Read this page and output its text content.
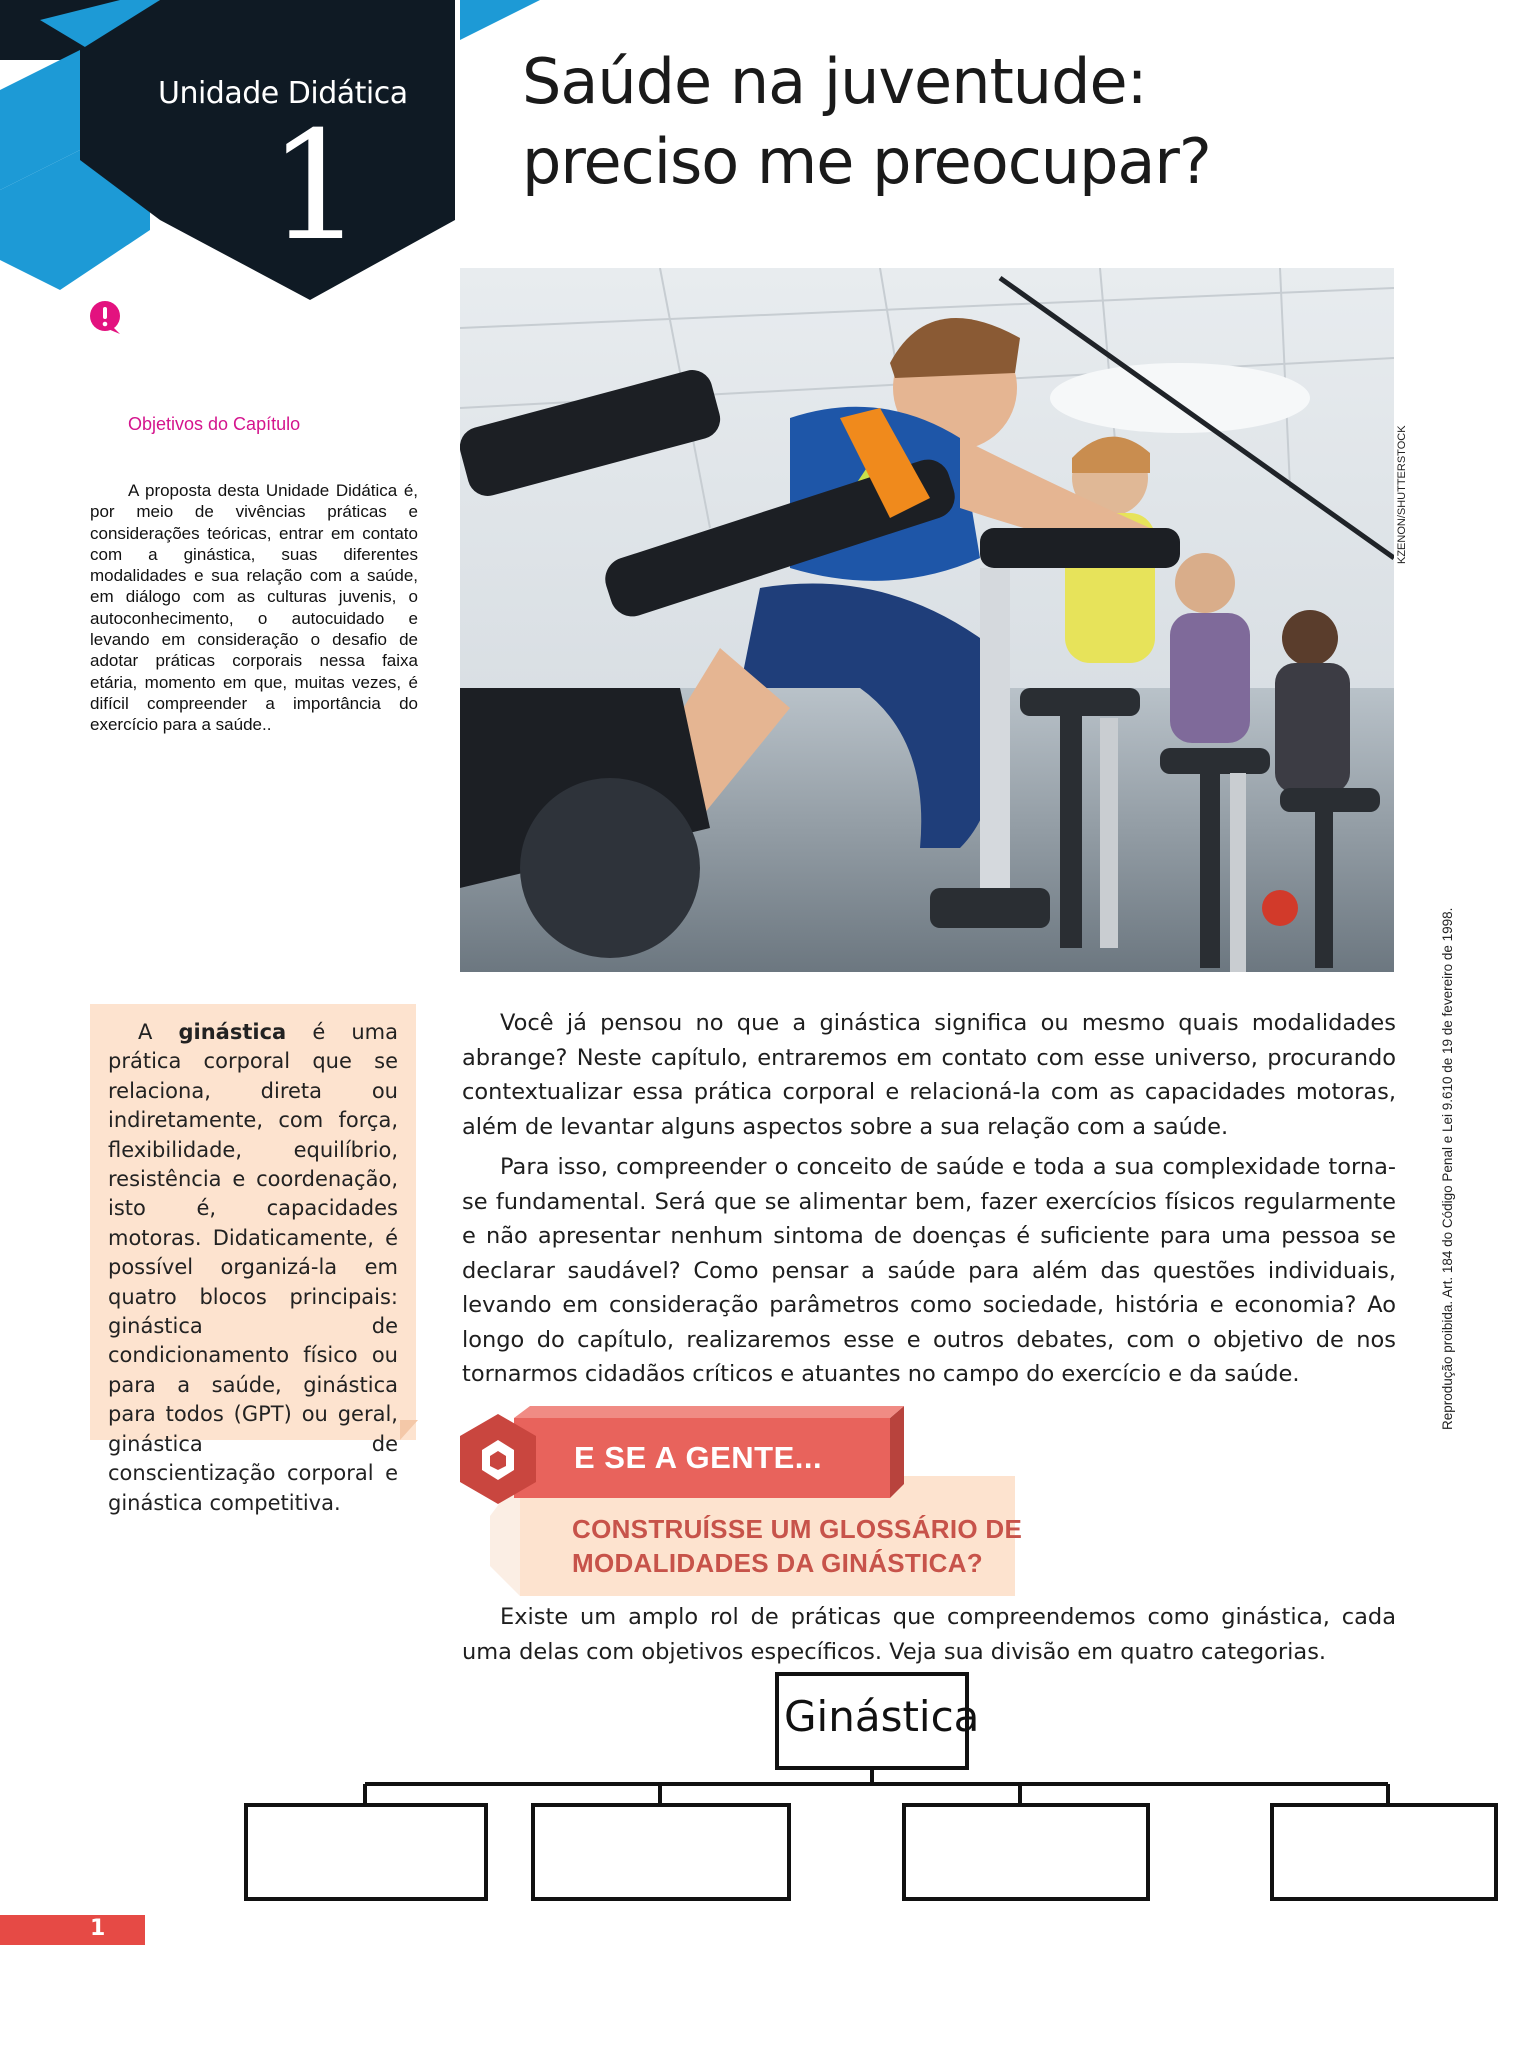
Unidade Didática
1
Saúde na juventude:
preciso me preocupar?
Objetivos do Capítulo
A proposta desta Unidade Didática é, por meio de vivências práticas e considerações teóricas, entrar em contato com a ginástica, suas diferentes modalidades e sua relação com a saúde, em diálogo com as culturas juvenis, o autoconhecimento, o autocuidado e levando em consideração o desafio de adotar práticas corporais nessa faixa etária, momento em que, muitas vezes, é difícil compreender a importância do exercício para a saúde..
KZENON/SHUTTERSTOCK
Reprodução proibida. Art. 184 do Código Penal e Lei 9.610 de 19 de fevereiro de 1998.
A ginástica é uma prática corporal que se relaciona, direta ou indiretamente, com força, flexibilidade, equilíbrio, resistência e coordenação, isto é, capacidades motoras. Didaticamente, é possível organizá-la em quatro blocos principais: ginástica de condicionamento físico ou para a saúde, ginástica para todos (GPT) ou geral, ginástica de conscientização corporal e ginástica competitiva.
Você já pensou no que a ginástica significa ou mesmo quais modalidades abrange? Neste capítulo, entraremos em contato com esse universo, procurando contextualizar essa prática corporal e relacioná-la com as capacidades motoras, além de levantar alguns aspectos sobre a sua relação com a saúde.
Para isso, compreender o conceito de saúde e toda a sua complexidade torna-se fundamental. Será que se alimentar bem, fazer exercícios físicos regularmente e não apresentar nenhum sintoma de doenças é suficiente para uma pessoa se declarar saudável? Como pensar a saúde para além das questões individuais, levando em consideração parâmetros como sociedade, história e economia? Ao longo do capítulo, realizaremos esse e outros debates, com o objetivo de nos tornarmos cidadãos críticos e atuantes no campo do exercício e da saúde.
E SE A GENTE...
CONSTRUÍSSE UM GLOSSÁRIO DE
MODALIDADES DA GINÁSTICA?
Existe um amplo rol de práticas que compreendemos como ginástica, cada uma delas com objetivos específicos. Veja sua divisão em quatro categorias.
Ginástica
1
